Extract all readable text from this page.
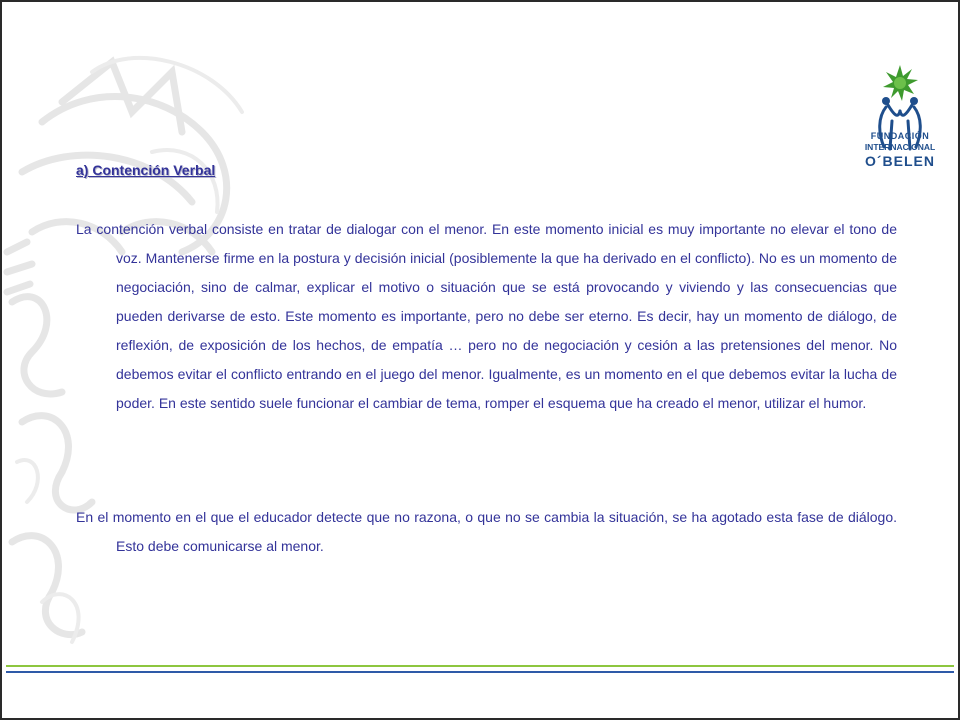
FUNDACIÓN
INTERNACIONAL
O´BELEN
a) Contención Verbal

La contención verbal consiste en tratar de dialogar con el menor. En este momento inicial es muy importante no elevar el tono de voz. Mantenerse firme en la postura y decisión inicial (posiblemente la que ha derivado en el conflicto). No es un momento de negociación, sino de calmar, explicar el motivo o situación que se está provocando y viviendo y las consecuencias que pueden derivarse de esto. Este momento es importante, pero no debe ser eterno. Es decir, hay un momento de diálogo, de reflexión, de exposición de los hechos, de empatía … pero no de negociación y cesión a las pretensiones del menor. No debemos evitar el conflicto entrando en el juego del menor. Igualmente, es un momento en el que debemos evitar la lucha de poder. En este sentido suele funcionar el cambiar de tema, romper el esquema que ha creado el menor, utilizar el humor.

En el momento en el que el educador detecte que no razona, o que no se cambia la situación, se ha agotado esta fase de diálogo. Esto debe comunicarse al menor.
